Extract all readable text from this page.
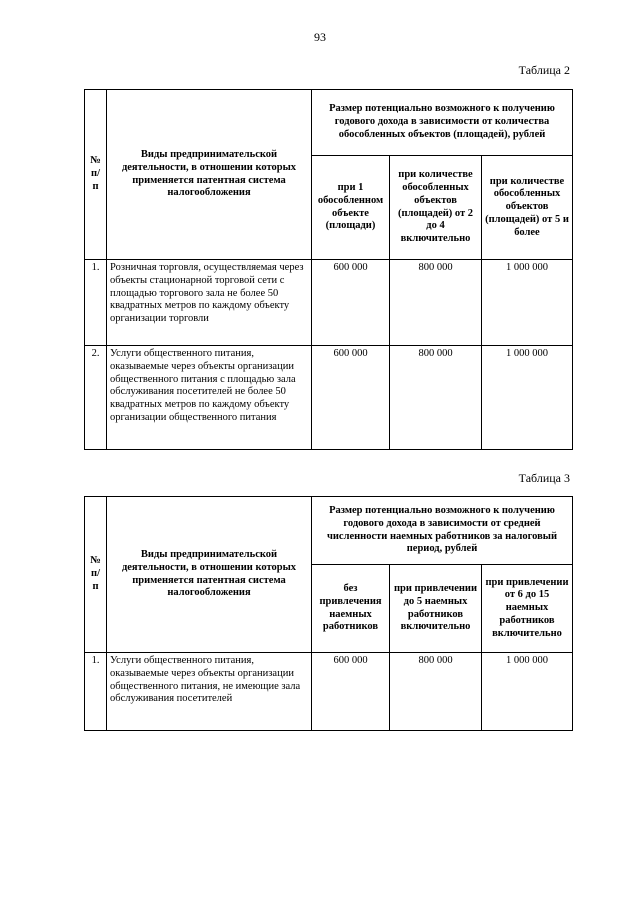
93
Таблица 2
№ п/п	Виды предпринимательской деятельности, в отношении которых применяется патентная система налогообложения	Размер потенциально возможного к получению годового дохода в зависимости от количества обособленных объектов (площадей), рублей		
		при 1 обособленном объекте (площади)	при количестве обособленных объектов (площадей) от 2 до 4 включительно	при количестве обособленных объектов (площадей) от 5 и более
1.	Розничная торговля, осуществляемая через объекты стационарной торговой сети с площадью торгового зала не более 50 квадратных метров по каждому объекту организации торговли	600 000	800 000	1 000 000
2.	Услуги общественного питания, оказываемые через объекты организации общественного питания с площадью зала обслуживания посетителей не более 50 квадратных метров по каждому объекту организации общественного питания	600 000	800 000	1 000 000
Таблица 3
№ п/п	Виды предпринимательской деятельности, в отношении которых применяется патентная система налогообложения	Размер потенциально возможного к получению годового дохода в зависимости от средней численности наемных работников за налоговый период, рублей		
		без привлечения наемных работников	при привлечении до 5 наемных работников включительно	при привлечении от 6 до 15 наемных работников включительно
1.	Услуги общественного питания, оказываемые через объекты организации общественного питания, не имеющие зала обслуживания посетителей	600 000	800 000	1 000 000
